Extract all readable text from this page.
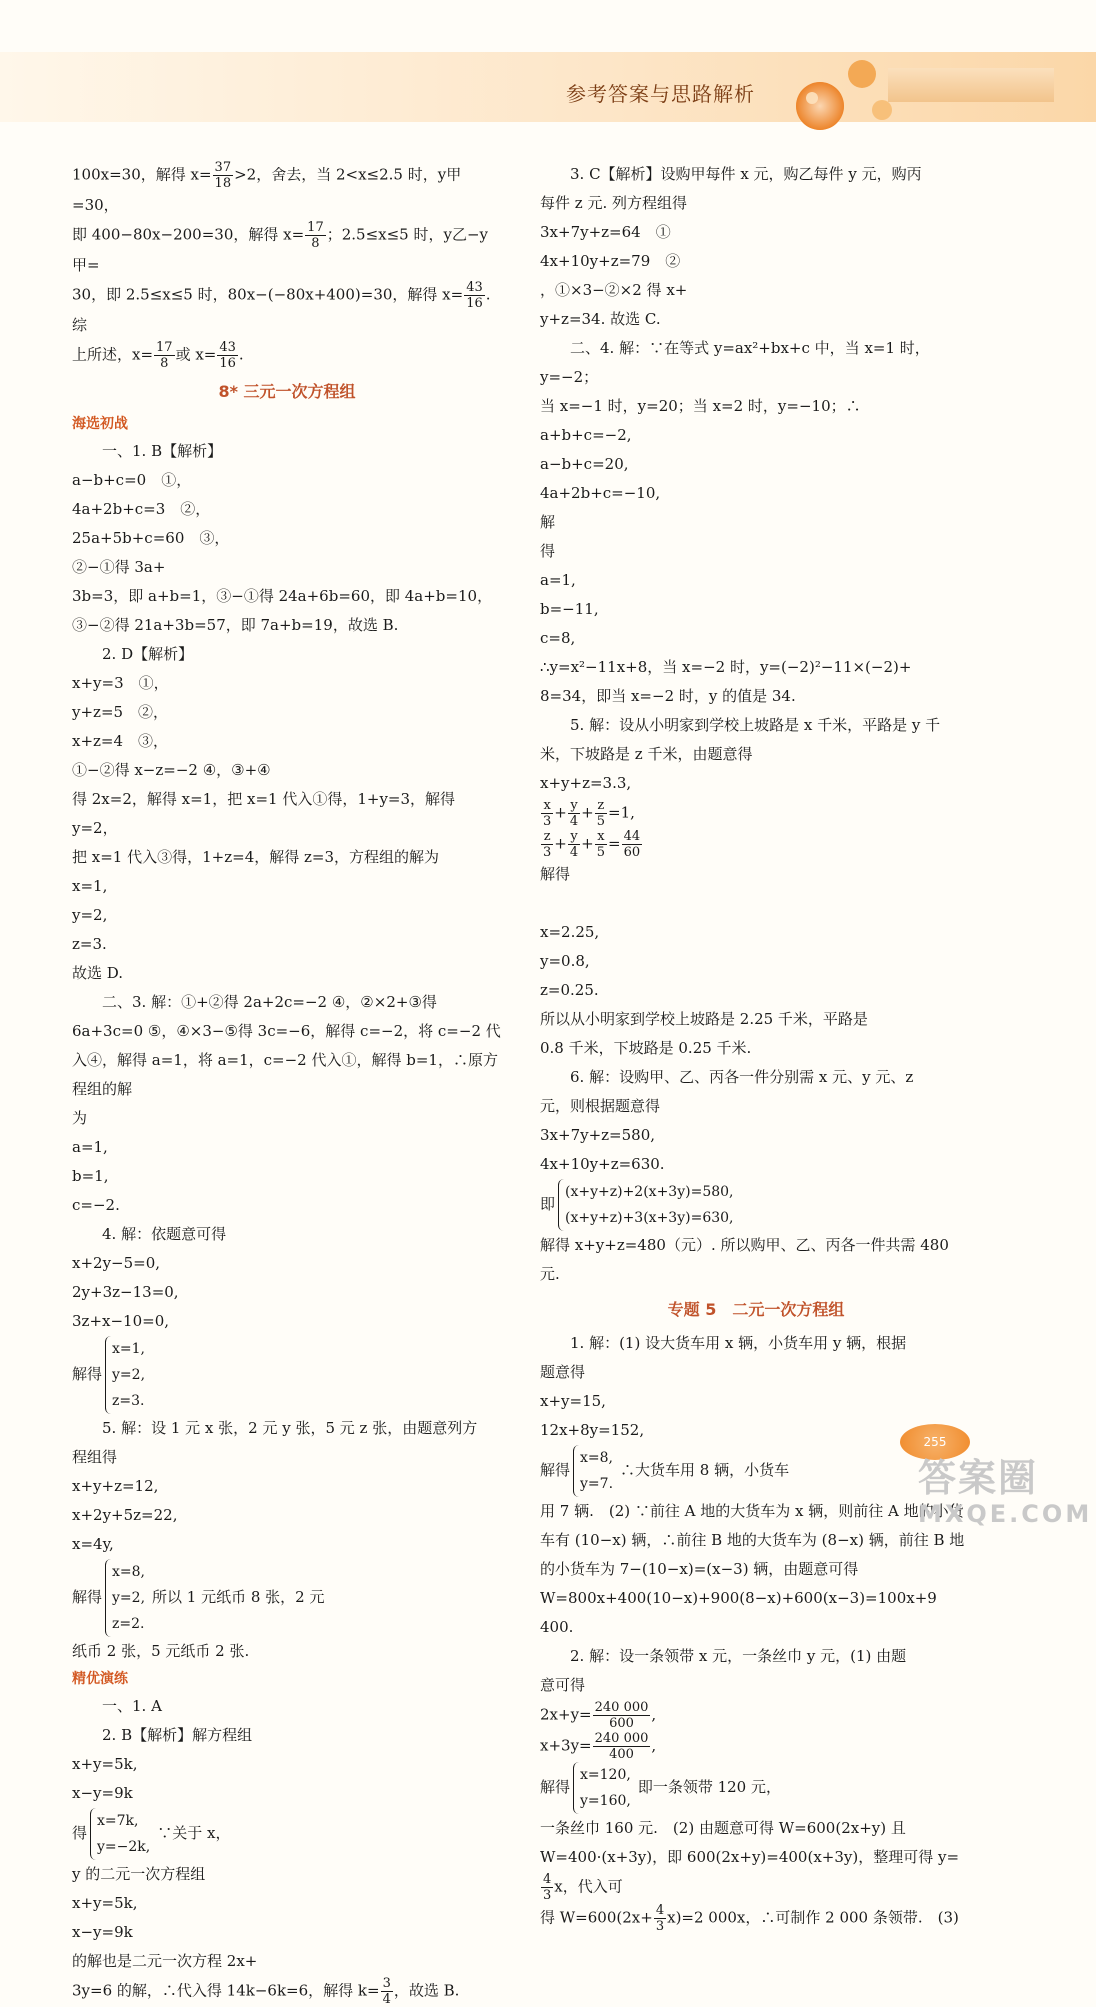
参考答案与思路解析

100x=30，解得 $x= \frac{37}{18} >2$，舍去，当 2<x≤2.5 时，y甲=30，

即 400−80x−200=30，解得 $x= \frac{17}{8}$ ；2.5≤x≤5 时，y乙−y甲=

30，即 2.5≤x≤5 时，80x−(−80x+400)=30，解得 $x= \frac{43}{16}$ . 综

上所述，$x= \frac{17}{8}$ 或 $x= \frac{43}{16}$ .

8* 三元一次方程组
海选初战

一、1. B【解析】

a−b+c=0　①，
4a+2b+c=3　②，
25a+5b+c=60　③，
②−①得 3a+

3b=3，即 a+b=1，③−①得 24a+6b=60，即 4a+b=10，③−②得 21a+3b=57，即 7a+b=19，故选 B.

2. D【解析】

x+y=3　①，
y+z=5　②，
x+z=4　③，
①−②得 x−z=−2 ④，③+④

得 2x=2，解得 x=1，把 x=1 代入①得，1+y=3，解得 y=2，

把 x=1 代入③得，1+z=4，解得 z=3，方程组的解为

x=1,
y=2,
z=3.

故选 D.

二、3. 解：①+②得 2a+2c=−2 ④，②×2+③得 6a+3c=0 ⑤，④×3−⑤得 3c=−6，解得 c=−2，将 c=−2 代入④，解得 a=1，将 a=1，c=−2 代入①，解得 b=1，∴原方程组的解

为

a=1,
b=1,
c=−2.

4. 解：依题意可得

x+2y−5=0,
2y+3z−13=0,
3z+x−10=0,
解得
x=1,
y=2,
z=3.

5. 解：设 1 元 x 张，2 元 y 张，5 元 z 张，由题意列方

程组得

x+y+z=12,
x+2y+5z=22,
x=4y,
解得
x=8,
y=2,
z=2.
所以 1 元纸币 8 张，2 元

纸币 2 张，5 元纸币 2 张.

精优演练

一、1. A

2. B【解析】解方程组

x+y=5k,
x−y=9k
得
x=7k,
y=−2k,
∵关于 x，

y 的二元一次方程组

x+y=5k,
x−y=9k
的解也是二元一次方程 2x+

3y=6 的解，∴代入得 14k−6k=6，解得 $k= \frac{3}{4}$ ，故选 B.

3. C【解析】设购甲每件 x 元，购乙每件 y 元，购丙

每件 z 元. 列方程组得

3x+7y+z=64　①
4x+10y+z=79　②
，①×3−②×2 得 x+

y+z=34. 故选 C.

二、4. 解：∵在等式 y=ax²+bx+c 中，当 x=1 时，y=−2；

当 x=−1 时，y=20；当 x=2 时，y=−10；∴

a+b+c=−2,
a−b+c=20,
4a+2b+c=−10,
解

得

a=1,
b=−11,
c=8,
∴y=x²−11x+8，当 x=−2 时，y=(−2)²−11×(−2)+

8=34，即当 x=−2 时，y 的值是 34.

5. 解：设从小明家到学校上坡路是 x 千米，平路是 y 千

米，下坡路是 z 千米，由题意得

x+y+z=3.3,
$\frac{x}{3} + \frac{y}{4} + \frac{z}{5} =1$,
$\frac{z}{3} + \frac{y}{4} + \frac{x}{5} = \frac{44}{60}$
解得

x=2.25,
y=0.8,
z=0.25.
所以从小明家到学校上坡路是 2.25 千米，平路是

0.8 千米，下坡路是 0.25 千米.

6. 解：设购甲、乙、丙各一件分别需 x 元、y 元、z

元，则根据题意得

3x+7y+z=580,
4x+10y+z=630.
即
(x+y+z)+2(x+3y)=580,
(x+y+z)+3(x+3y)=630,

解得 x+y+z=480（元）. 所以购甲、乙、丙各一件共需 480

元.

专题 5　二元一次方程组

1. 解：(1) 设大货车用 x 辆，小货车用 y 辆，根据

题意得

x+y=15,
12x+8y=152,
解得
x=8,
y=7.
∴大货车用 8 辆，小货车

用 7 辆.　(2) ∵前往 A 地的大货车为 x 辆，则前往 A 地的小货车有 (10−x) 辆，∴前往 B 地的大货车为 (8−x) 辆，前往 B 地的小货车为 7−(10−x)=(x−3) 辆，由题意可得 W=800x+400(10−x)+900(8−x)+600(x−3)=100x+9 400.

2. 解：设一条领带 x 元，一条丝巾 y 元，(1) 由题

意可得

$2x+y= \frac{240 000}{600}$ ,
$x+3y= \frac{240 000}{400}$ ,
解得
x=120,
y=160,
即一条领带 120 元，

一条丝巾 160 元.　(2) 由题意可得 W=600(2x+y) 且 W=400·(x+3y)，即 600(2x+y)=400(x+3y)，整理可得 y=
$\frac{4}{3}$ x，代入可

得 $W=600(2x+ \frac{4}{3} x)=2$ 000x，∴可制作 2 000 条领带.　(3)

255
答案圈
MXQE.COM
